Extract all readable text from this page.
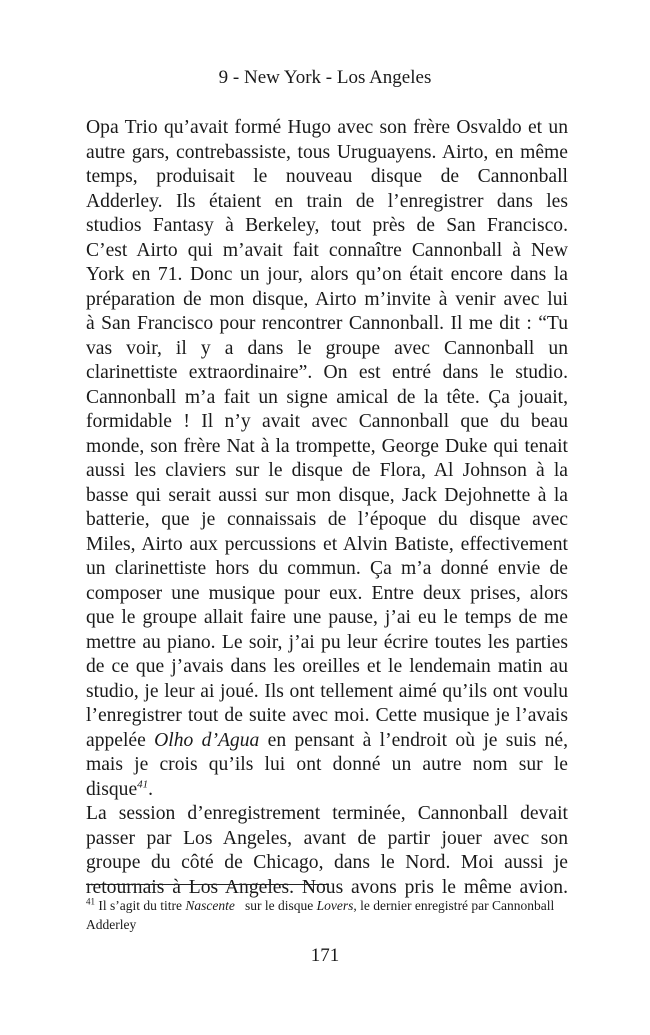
9 - New York - Los Angeles
Opa Trio qu’avait formé Hugo avec son frère Osvaldo et un
autre gars, contrebassiste, tous Uruguayens. Airto, en même
temps, produisait le nouveau disque de Cannonball
Adderley. Ils étaient en train de l’enregistrer dans les
studios Fantasy à Berkeley, tout près de San Francisco.
C’est Airto qui m’avait fait connaître Cannonball à New
York en 71. Donc un jour, alors qu’on était encore dans la
préparation de mon disque, Airto m’invite à venir avec lui
à San Francisco pour rencontrer Cannonball. Il me dit : “Tu
vas voir, il y a dans le groupe avec Cannonball un
clarinettiste extraordinaire”. On est entré dans le studio.
Cannonball m’a fait un signe amical de la tête. Ça jouait,
formidable ! Il n’y avait avec Cannonball que du beau
monde, son frère Nat à la trompette, George Duke qui tenait
aussi les claviers sur le disque de Flora, Al Johnson à la
basse qui serait aussi sur mon disque, Jack Dejohnette à la
batterie, que je connaissais de l’époque du disque avec
Miles, Airto aux percussions et Alvin Batiste, effectivement
un clarinettiste hors du commun. Ça m’a donné envie de
composer une musique pour eux. Entre deux prises, alors
que le groupe allait faire une pause, j’ai eu le temps de me
mettre au piano. Le soir, j’ai pu leur écrire toutes les parties
de ce que j’avais dans les oreilles et le lendemain matin au
studio, je leur ai joué. Ils ont tellement aimé qu’ils ont voulu
l’enregistrer tout de suite avec moi. Cette musique je l’avais
appelée Olho d’Agua en pensant à l’endroit où je suis né,
mais je crois qu’ils lui ont donné un autre nom sur le
disque$^{41}$.
La session d’enregistrement terminée, Cannonball devait
passer par Los Angeles, avant de partir jouer avec son
groupe du côté de Chicago, dans le Nord. Moi aussi je
retournais à Los Angeles. Nous avons pris le même avion.
$^{41}$ Il s’agit du titre Nascente   sur le disque Lovers, le dernier enregistré par Cannonball Adderley
171
